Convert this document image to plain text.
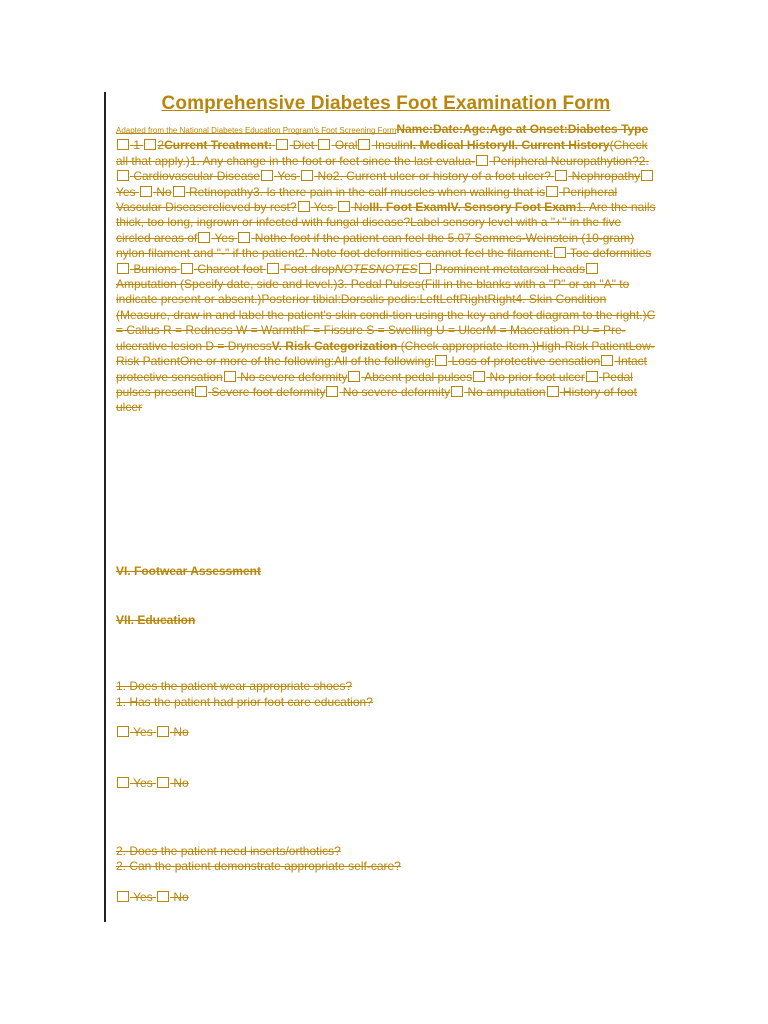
Comprehensive Diabetes Foot Examination Form
Adapted from the National Diabetes Education Program's Foot Screening FormName:Date:Age:Age at Onset:Diabetes Type  1 2Current Treatment: Diet Oral InsulinI. Medical HistoryII. Current History(Check all that apply.)1. Any change in the foot or feet since the last evalua- Peripheral Neuropathytion?2. Cardiovascular Disease Yes No2. Current ulcer or history of a foot ulcer? Nephropathy Yes No Retinopathy3. Is there pain in the calf muscles when walking that is Peripheral Vascular Diseaserelieved by rest? Yes NoIII. Foot ExamIV. Sensory Foot Exam1. Are the nails thick, too long, ingrown or infected with fungal disease?Label sensory level with a "+" in the five circled areas of Yes Nothe foot if the patient can feel the 5.07 Semmes-Weinstein (10-gram) nylon filament and "-" if the patient2. Note foot deformities cannot feel the filament. Toe deformities  Bunions Charcot foot Foot dropNOTESNOTES Prominent metatarsal heads Amputation (Specify date, side and level.)3. Pedal Pulses(Fill in the blanks with a "P" or an "A" to indicate present or absent.)Posterior tibial:Dorsalis pedis:LeftLeftRightRight4. Skin Condition (Measure, draw in and label the patient's skin condi-tion using the key and foot diagram to the right.)C = Callus R = Redness W = WarmthF = Fissure S = Swelling U = UlcerM = Maceration PU = Pre-ulcerative lesion D = DrynessV. Risk Categorization (Check appropriate item.)High-Risk PatientLow-Risk PatientOne or more of the following:All of the following: Loss of protective sensation Intact protective sensation No severe deformity Absent pedal pulses No prior foot ulcer Pedal pulses present Severe foot deformity No severe deformity No amputation History of foot ulcer
VI. Footwear Assessment
VII. Education
1. Does the patient wear appropriate shoes?
1. Has the patient had prior foot care education?
Yes No
Yes No
2. Does the patient need inserts/orthotics?
2. Can the patient demonstrate appropriate self-care?
Yes No
